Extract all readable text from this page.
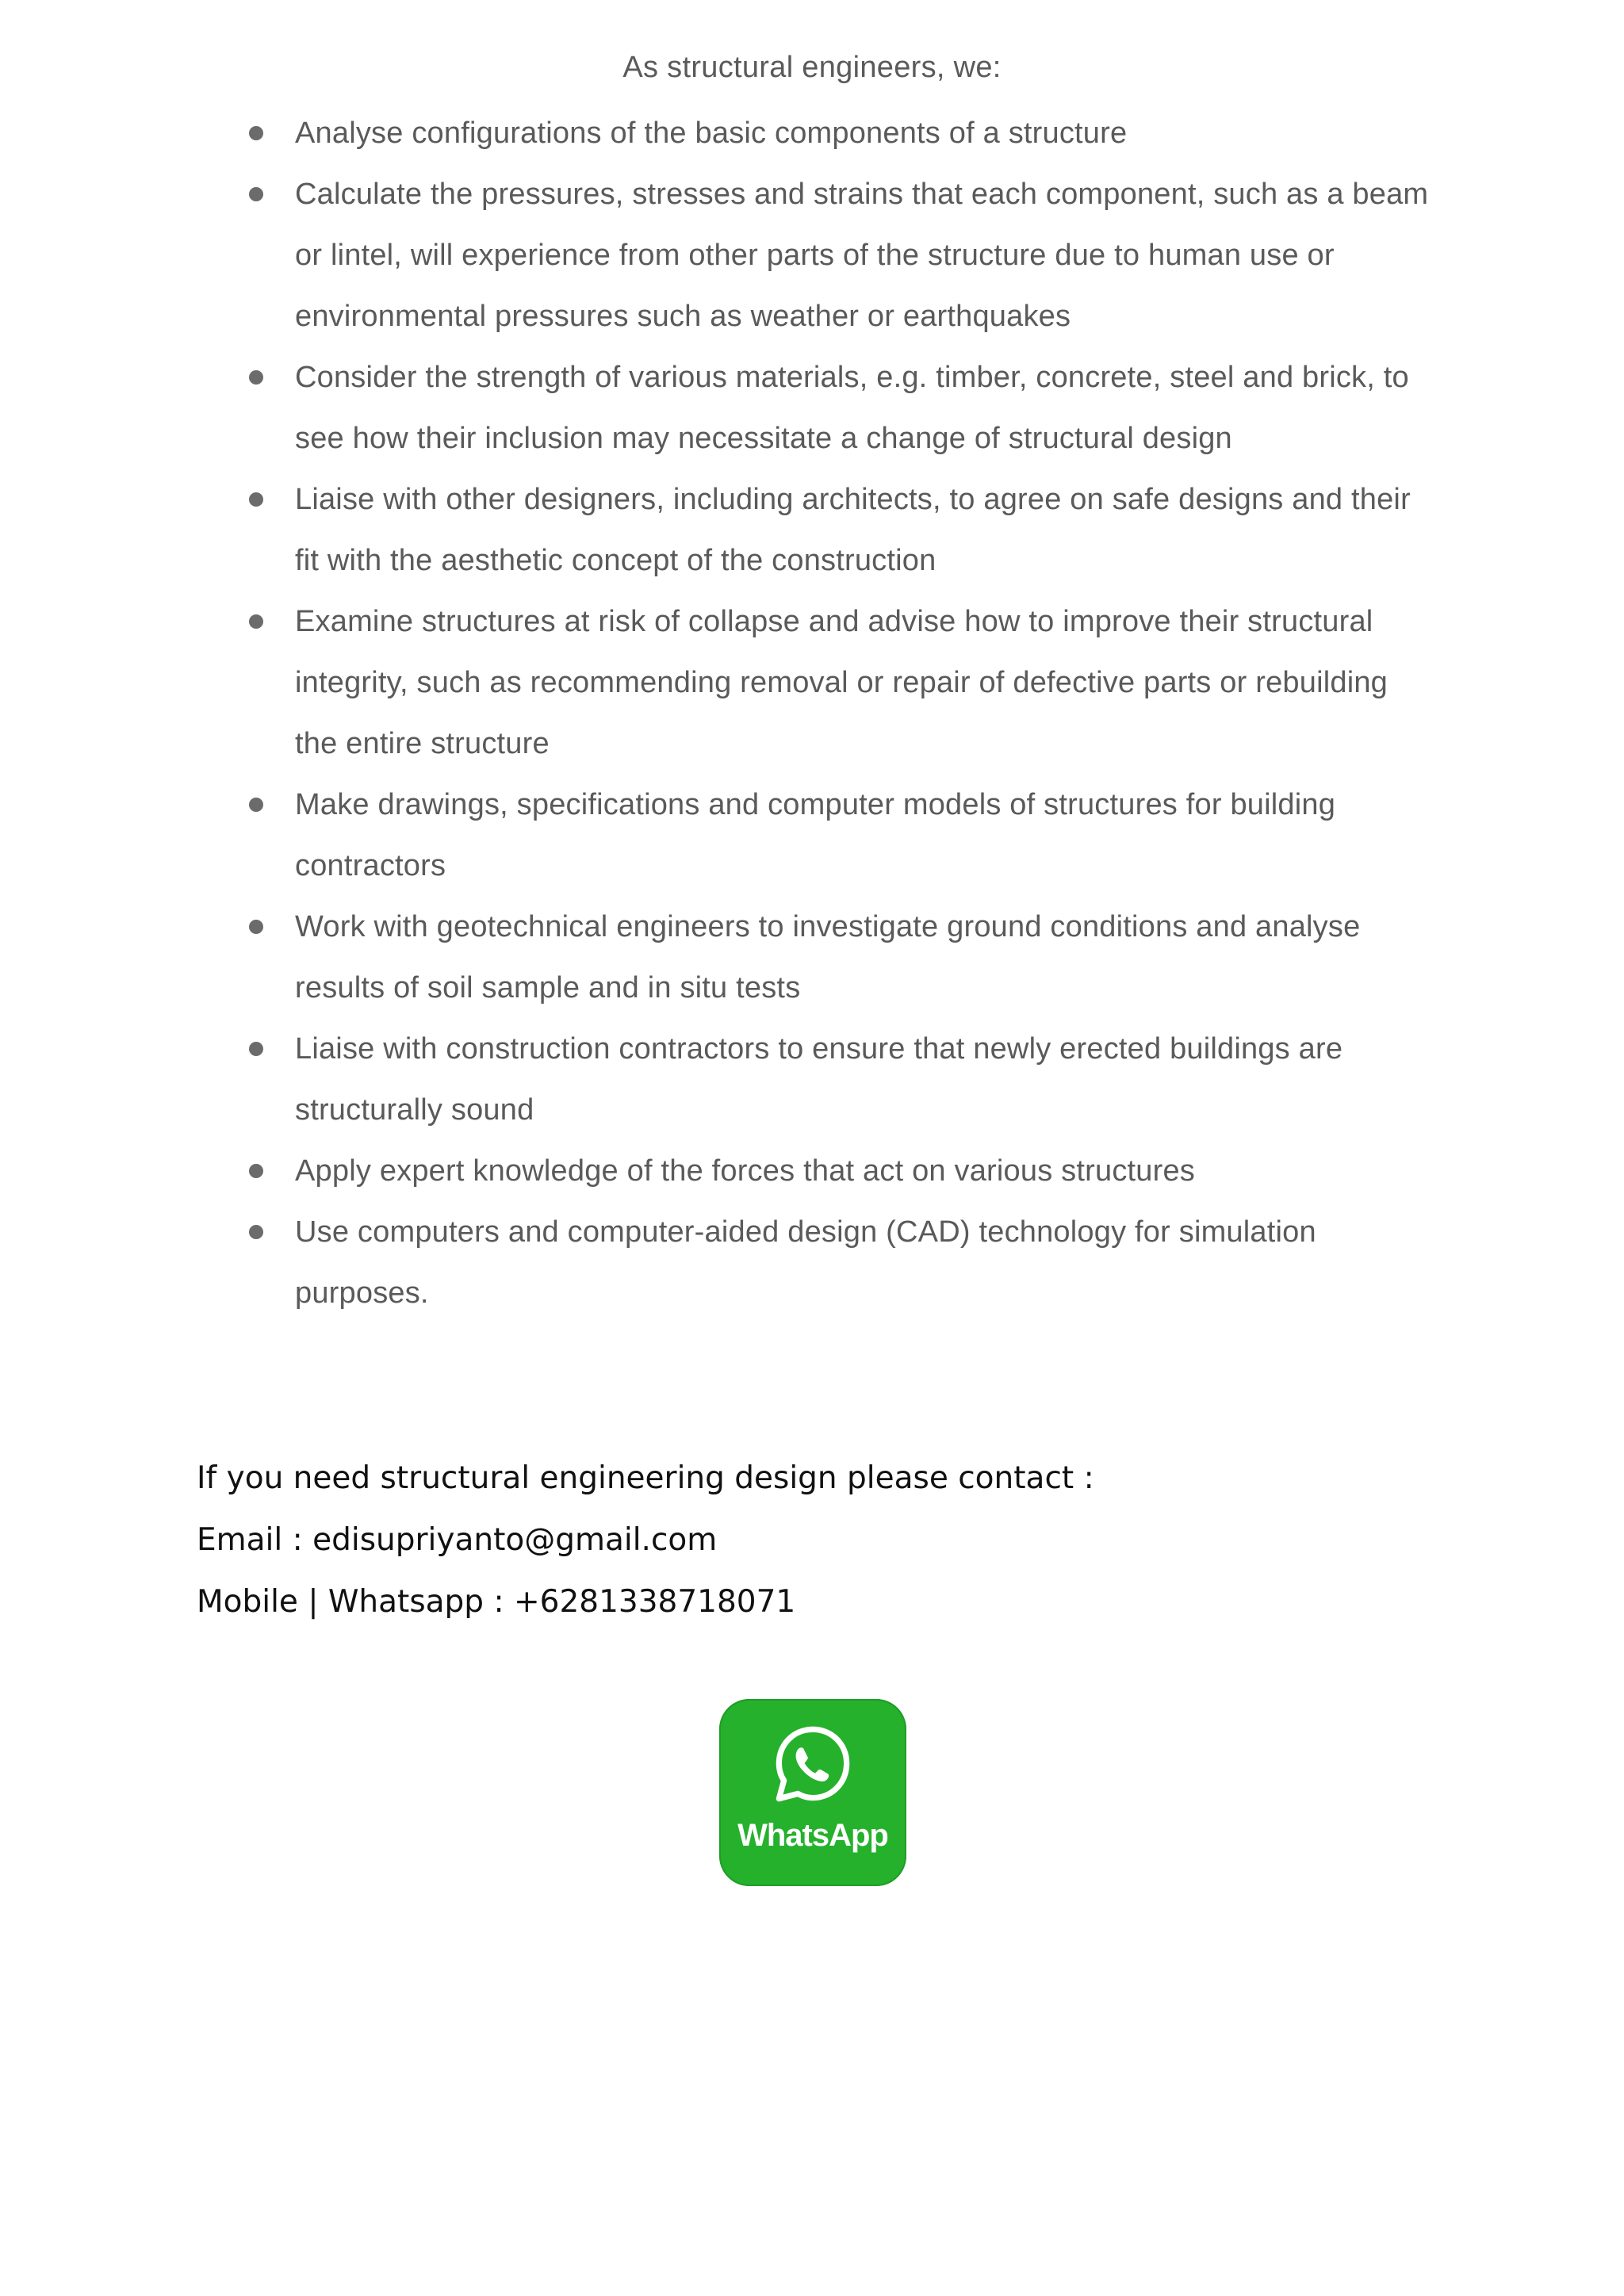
As structural engineers, we:
Analyse configurations of the basic components of a structure
Calculate the pressures, stresses and strains that each component, such as a beam or lintel, will experience from other parts of the structure due to human use or environmental pressures such as weather or earthquakes
Consider the strength of various materials, e.g. timber, concrete, steel and brick, to see how their inclusion may necessitate a change of structural design
Liaise with other designers, including architects, to agree on safe designs and their fit with the aesthetic concept of the construction
Examine structures at risk of collapse and advise how to improve their structural integrity, such as recommending removal or repair of defective parts or rebuilding the entire structure
Make drawings, specifications and computer models of structures for building contractors
Work with geotechnical engineers to investigate ground conditions and analyse results of soil sample and in situ tests
Liaise with construction contractors to ensure that newly erected buildings are structurally sound
Apply expert knowledge of the forces that act on various structures
Use computers and computer-aided design (CAD) technology for simulation purposes.
If you need structural engineering design please contact :
Email : edisupriyanto@gmail.com
Mobile | Whatsapp : +6281338718071
WhatsApp
